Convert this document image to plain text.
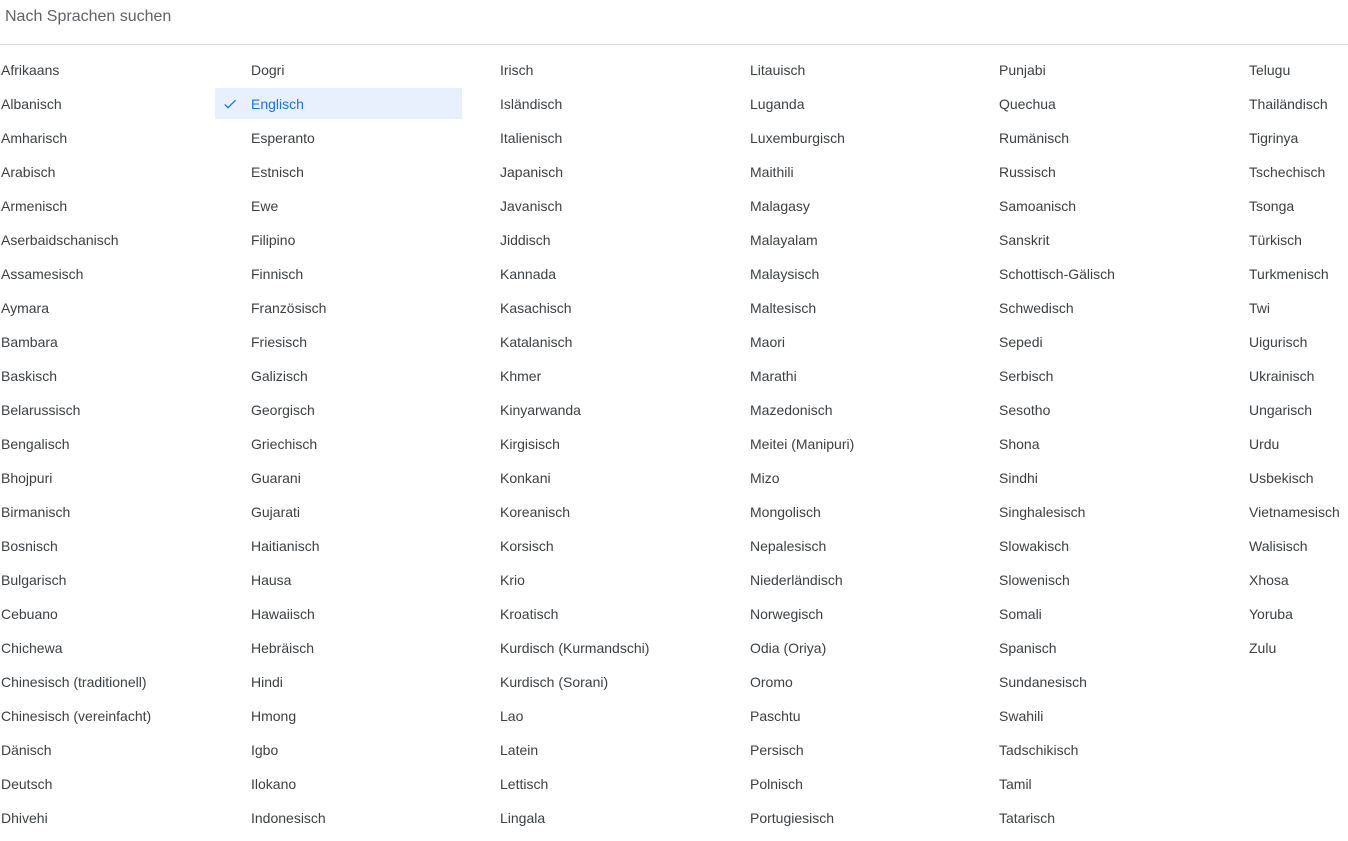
Nach Sprachen suchen
Afrikaans
Albanisch
Amharisch
Arabisch
Armenisch
Aserbaidschanisch
Assamesisch
Aymara
Bambara
Baskisch
Belarussisch
Bengalisch
Bhojpuri
Birmanisch
Bosnisch
Bulgarisch
Cebuano
Chichewa
Chinesisch (traditionell)
Chinesisch (vereinfacht)
Dänisch
Deutsch
Dhivehi
Dogri
Englisch
Esperanto
Estnisch
Ewe
Filipino
Finnisch
Französisch
Friesisch
Galizisch
Georgisch
Griechisch
Guarani
Gujarati
Haitianisch
Hausa
Hawaiisch
Hebräisch
Hindi
Hmong
Igbo
Ilokano
Indonesisch
Irisch
Isländisch
Italienisch
Japanisch
Javanisch
Jiddisch
Kannada
Kasachisch
Katalanisch
Khmer
Kinyarwanda
Kirgisisch
Konkani
Koreanisch
Korsisch
Krio
Kroatisch
Kurdisch (Kurmandschi)
Kurdisch (Sorani)
Lao
Latein
Lettisch
Lingala
Litauisch
Luganda
Luxemburgisch
Maithili
Malagasy
Malayalam
Malaysisch
Maltesisch
Maori
Marathi
Mazedonisch
Meitei (Manipuri)
Mizo
Mongolisch
Nepalesisch
Niederländisch
Norwegisch
Odia (Oriya)
Oromo
Paschtu
Persisch
Polnisch
Portugiesisch
Punjabi
Quechua
Rumänisch
Russisch
Samoanisch
Sanskrit
Schottisch-Gälisch
Schwedisch
Sepedi
Serbisch
Sesotho
Shona
Sindhi
Singhalesisch
Slowakisch
Slowenisch
Somali
Spanisch
Sundanesisch
Swahili
Tadschikisch
Tamil
Tatarisch
Telugu
Thailändisch
Tigrinya
Tschechisch
Tsonga
Türkisch
Turkmenisch
Twi
Uigurisch
Ukrainisch
Ungarisch
Urdu
Usbekisch
Vietnamesisch
Walisisch
Xhosa
Yoruba
Zulu
